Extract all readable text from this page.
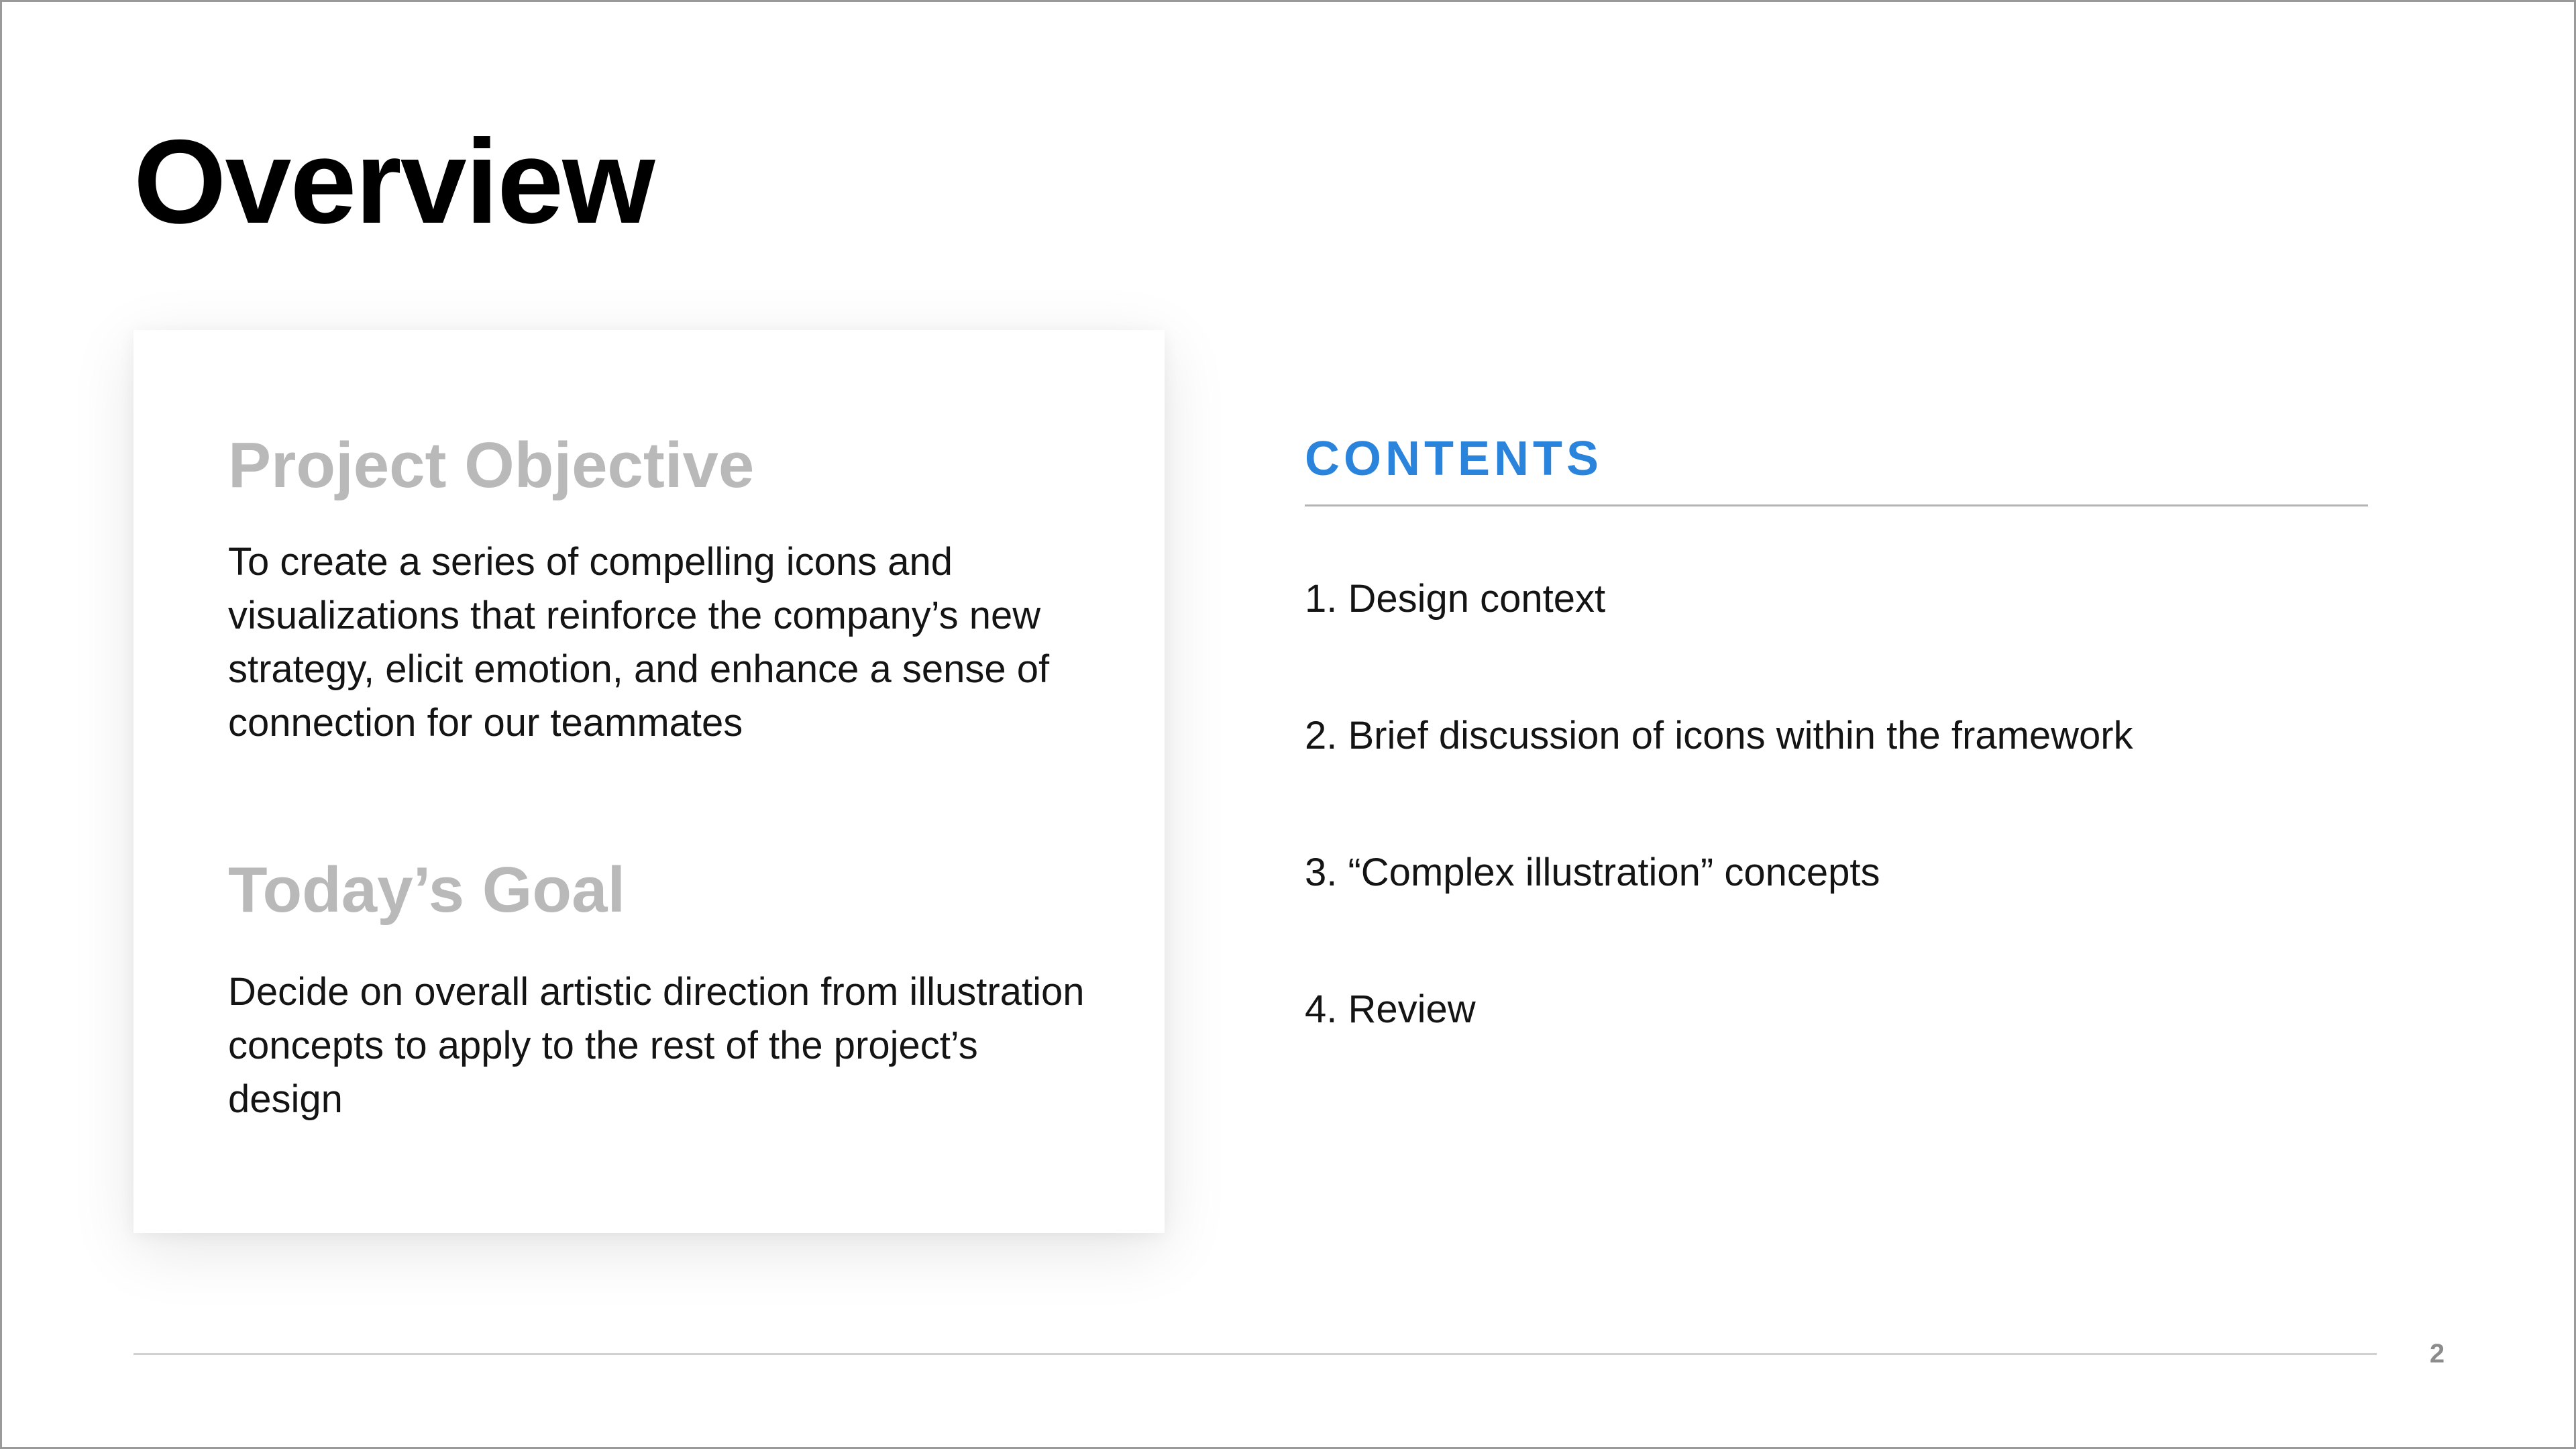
Overview
Project Objective

To create a series of compelling icons and visualizations that reinforce the company’s new strategy, elicit emotion, and enhance a sense of connection for our teammates

Today’s Goal

Decide on overall artistic direction from illustration concepts to apply to the rest of the project’s design

CONTENTS
1. Design context
2. Brief discussion of icons within the framework
3. “Complex illustration” concepts
4. Review

2
